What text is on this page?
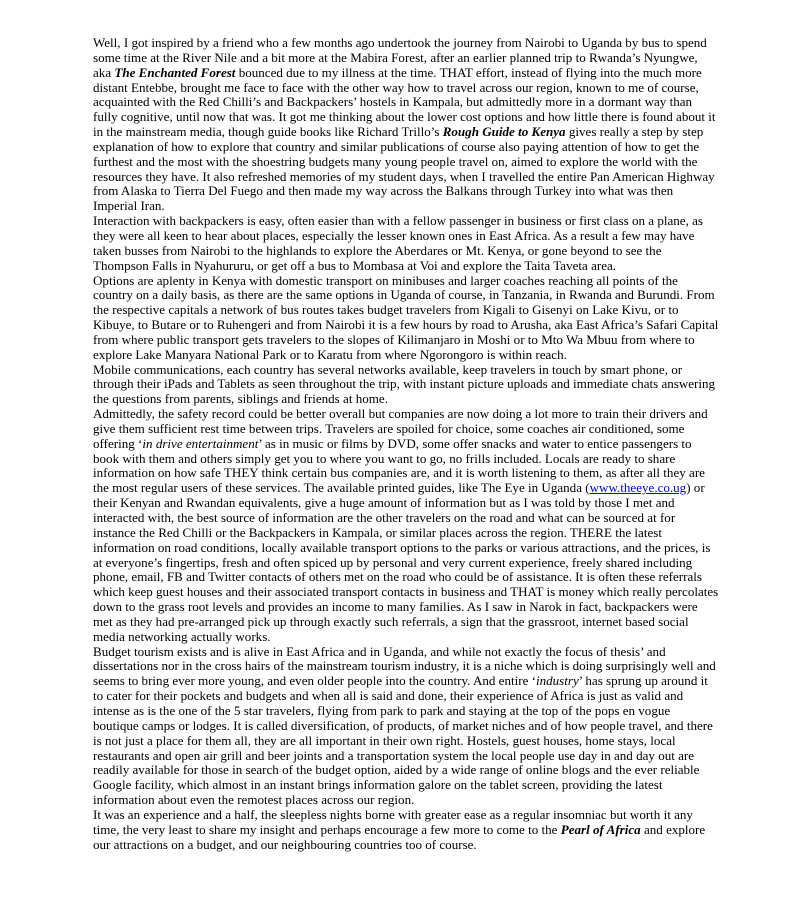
Well, I got inspired by a friend who a few months ago undertook the journey from Nairobi to Uganda by bus to spend some time at the River Nile and a bit more at the Mabira Forest, after an earlier planned trip to Rwanda’s Nyungwe, aka The Enchanted Forest bounced due to my illness at the time. THAT effort, instead of flying into the much more distant Entebbe, brought me face to face with the other way how to travel across our region, known to me of course, acquainted with the Red Chilli’s and Backpackers’ hostels in Kampala, but admittedly more in a dormant way than fully cognitive, until now that was. It got me thinking about the lower cost options and how little there is found about it in the mainstream media, though guide books like Richard Trillo’s Rough Guide to Kenya gives really a step by step explanation of how to explore that country and similar publications of course also paying attention of how to get the furthest and the most with the shoestring budgets many young people travel on, aimed to explore the world with the resources they have. It also refreshed memories of my student days, when I travelled the entire Pan American Highway from Alaska to Tierra Del Fuego and then made my way across the Balkans through Turkey into what was then Imperial Iran.

Interaction with backpackers is easy, often easier than with a fellow passenger in business or first class on a plane, as they were all keen to hear about places, especially the lesser known ones in East Africa. As a result a few may have taken busses from Nairobi to the highlands to explore the Aberdares or Mt. Kenya, or gone beyond to see the Thompson Falls in Nyahururu, or get off a bus to Mombasa at Voi and explore the Taita Taveta area.

Options are aplenty in Kenya with domestic transport on minibuses and larger coaches reaching all points of the country on a daily basis, as there are the same options in Uganda of course, in Tanzania, in Rwanda and Burundi. From the respective capitals a network of bus routes takes budget travelers from Kigali to Gisenyi on Lake Kivu, or to Kibuye, to Butare or to Ruhengeri and from Nairobi it is a few hours by road to Arusha, aka East Africa’s Safari Capital from where public transport gets travelers to the slopes of Kilimanjaro in Moshi or to Mto Wa Mbuu from where to explore Lake Manyara National Park or to Karatu from where Ngorongoro is within reach.

Mobile communications, each country has several networks available, keep travelers in touch by smart phone, or through their iPads and Tablets as seen throughout the trip, with instant picture uploads and immediate chats answering the questions from parents, siblings and friends at home.

Admittedly, the safety record could be better overall but companies are now doing a lot more to train their drivers and give them sufficient rest time between trips. Travelers are spoiled for choice, some coaches air conditioned, some offering ‘in drive entertainment’ as in music or films by DVD, some offer snacks and water to entice passengers to book with them and others simply get you to where you want to go, no frills included. Locals are ready to share information on how safe THEY think certain bus companies are, and it is worth listening to them, as after all they are the most regular users of these services. The available printed guides, like The Eye in Uganda (www.theeye.co.ug) or their Kenyan and Rwandan equivalents, give a huge amount of information but as I was told by those I met and interacted with, the best source of information are the other travelers on the road and what can be sourced at for instance the Red Chilli or the Backpackers in Kampala, or similar places across the region. THERE the latest information on road conditions, locally available transport options to the parks or various attractions, and the prices, is at everyone’s fingertips, fresh and often spiced up by personal and very current experience, freely shared including phone, email, FB and Twitter contacts of others met on the road who could be of assistance. It is often these referrals which keep guest houses and their associated transport contacts in business and THAT is money which really percolates down to the grass root levels and provides an income to many families. As I saw in Narok in fact, backpackers were met as they had pre-arranged pick up through exactly such referrals, a sign that the grassroot, internet based social media networking actually works.

Budget tourism exists and is alive in East Africa and in Uganda, and while not exactly the focus of thesis’ and dissertations nor in the cross hairs of the mainstream tourism industry, it is a niche which is doing surprisingly well and seems to bring ever more young, and even older people into the country. And entire ‘industry’ has sprung up around it to cater for their pockets and budgets and when all is said and done, their experience of Africa is just as valid and intense as is the one of the 5 star travelers, flying from park to park and staying at the top of the pops en vogue boutique camps or lodges. It is called diversification, of products, of market niches and of how people travel, and there is not just a place for them all, they are all important in their own right. Hostels, guest houses, home stays, local restaurants and open air grill and beer joints and a transportation system the local people use day in and day out are readily available for those in search of the budget option, aided by a wide range of online blogs and the ever reliable Google facility, which almost in an instant brings information galore on the tablet screen, providing the latest information about even the remotest places across our region.

It was an experience and a half, the sleepless nights borne with greater ease as a regular insomniac but worth it any time, the very least to share my insight and perhaps encourage a few more to come to the Pearl of Africa and explore our attractions on a budget, and our neighbouring countries too of course.
